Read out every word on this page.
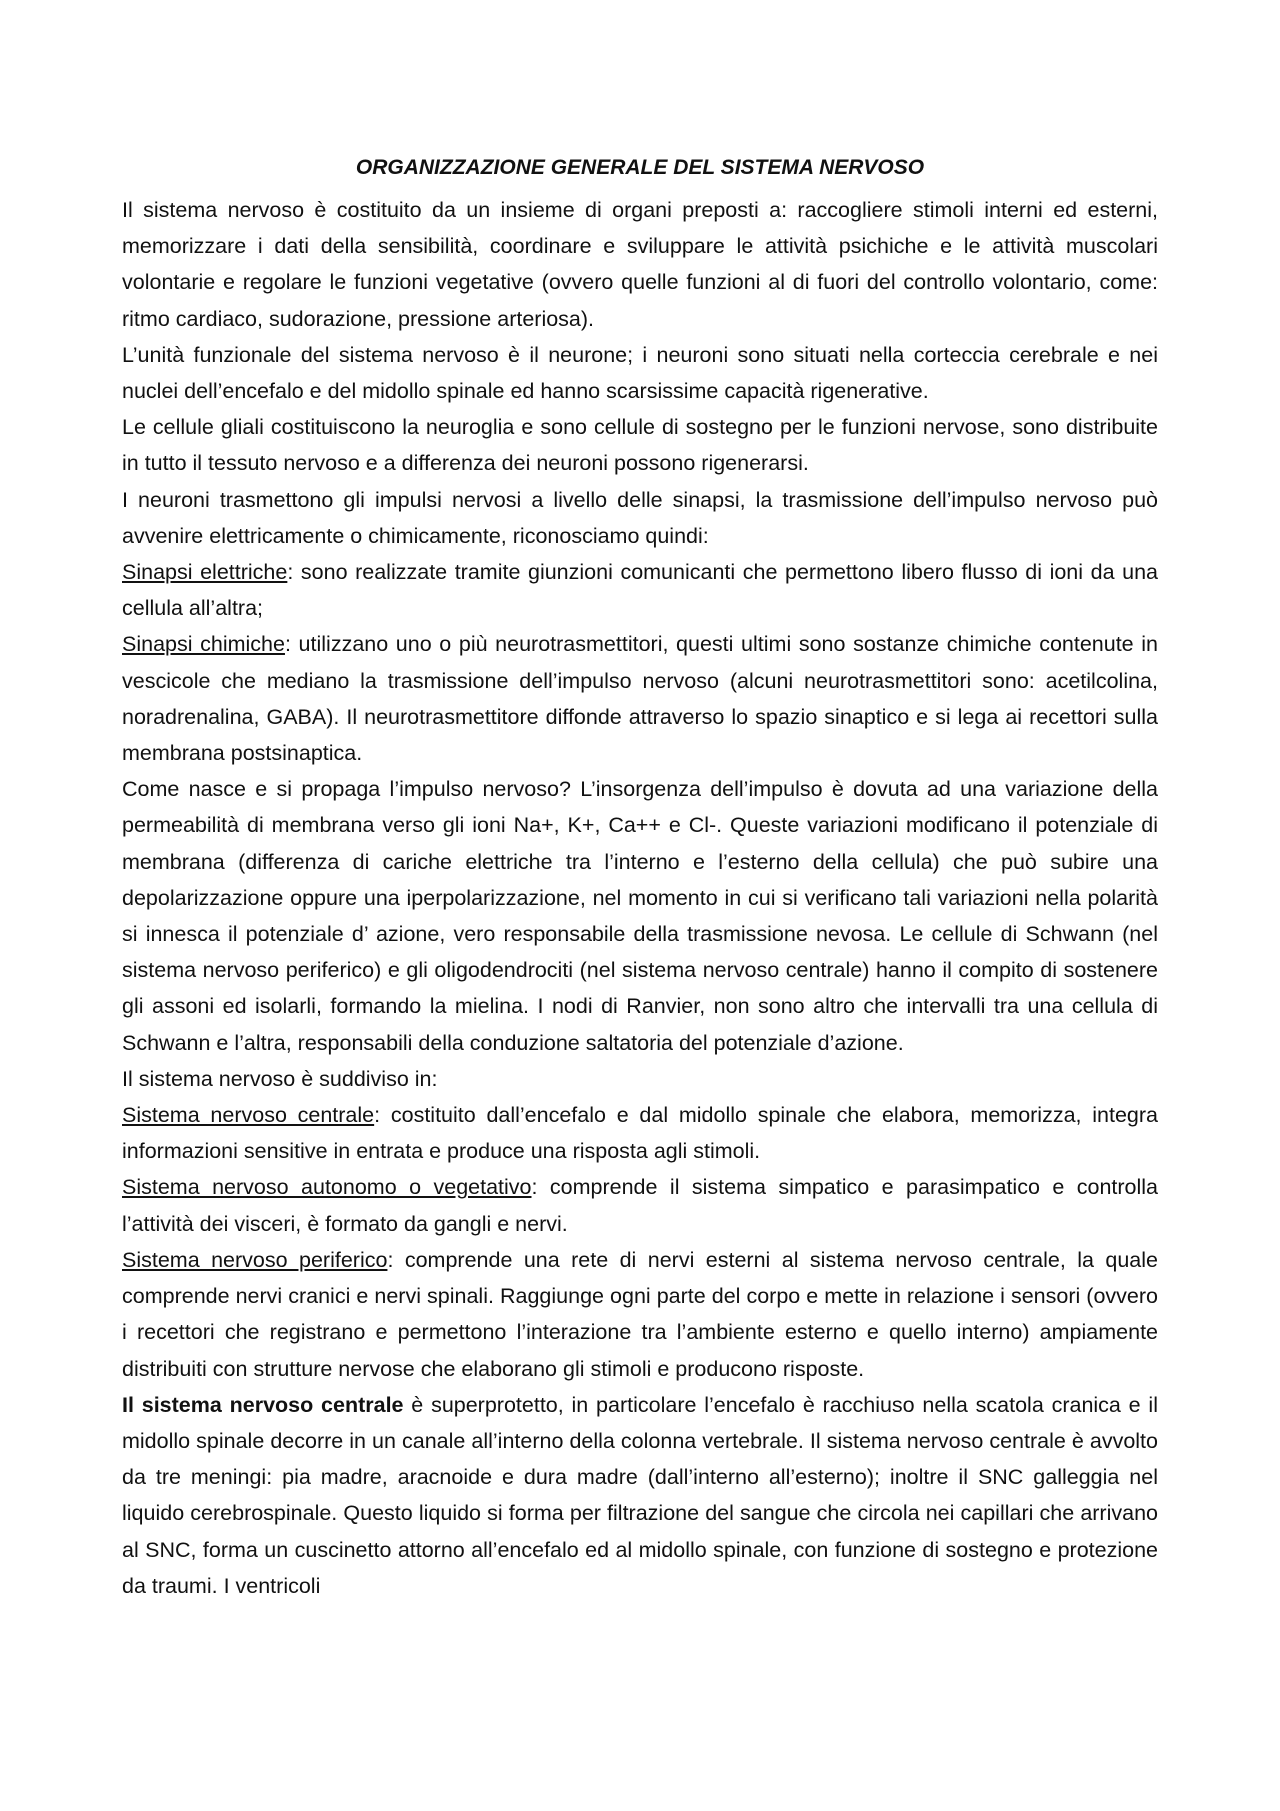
ORGANIZZAZIONE GENERALE DEL SISTEMA NERVOSO

Il sistema nervoso è costituito da un insieme di organi preposti a: raccogliere stimoli interni ed esterni, memorizzare i dati della sensibilità, coordinare e sviluppare le attività psichiche e le attività muscolari volontarie e regolare le funzioni vegetative (ovvero quelle funzioni al di fuori del controllo volontario, come: ritmo cardiaco, sudorazione, pressione arteriosa).

L’unità funzionale del sistema nervoso è il neurone; i neuroni sono situati nella corteccia cerebrale e nei nuclei dell’encefalo e del midollo spinale ed hanno scarsissime capacità rigenerative.

Le cellule gliali costituiscono la neuroglia e sono cellule di sostegno per le funzioni nervose, sono distribuite in tutto il tessuto nervoso e a differenza dei neuroni possono rigenerarsi.

I neuroni trasmettono gli impulsi nervosi a livello delle sinapsi, la trasmissione dell’impulso nervoso può avvenire elettricamente o chimicamente, riconosciamo quindi:

Sinapsi elettriche: sono realizzate tramite giunzioni comunicanti che permettono libero flusso di ioni da una cellula all’altra;

Sinapsi chimiche: utilizzano uno o più neurotrasmettitori, questi ultimi sono sostanze chimiche contenute in vescicole che mediano la trasmissione dell’impulso nervoso (alcuni neurotrasmettitori sono: acetilcolina, noradrenalina, GABA). Il neurotrasmettitore diffonde attraverso lo spazio sinaptico e si lega ai recettori sulla membrana postsinaptica.

Come nasce e si propaga l’impulso nervoso? L’insorgenza dell’impulso è dovuta ad una variazione della permeabilità di membrana verso gli ioni Na+, K+, Ca++ e Cl-. Queste variazioni modificano il potenziale di membrana (differenza di cariche elettriche tra l’interno e l’esterno della cellula) che può subire una depolarizzazione oppure una iperpolarizzazione, nel momento in cui si verificano tali variazioni nella polarità si innesca il potenziale d’ azione, vero responsabile della trasmissione nevosa. Le cellule di Schwann (nel sistema nervoso periferico) e gli oligodendrociti (nel sistema nervoso centrale) hanno il compito di sostenere gli assoni ed isolarli, formando la mielina. I nodi di Ranvier, non sono altro che intervalli tra una cellula di Schwann e l’altra, responsabili della conduzione saltatoria del potenziale d’azione.

Il sistema nervoso è suddiviso in:

Sistema nervoso centrale: costituito dall’encefalo e dal midollo spinale che elabora, memorizza, integra informazioni sensitive in entrata e produce una risposta agli stimoli.

Sistema nervoso autonomo o vegetativo: comprende il sistema simpatico e parasimpatico e controlla l’attività dei visceri, è formato da gangli e nervi.

Sistema nervoso periferico: comprende una rete di nervi esterni al sistema nervoso centrale, la quale comprende nervi cranici e nervi spinali. Raggiunge ogni parte del corpo e mette in relazione i sensori (ovvero i recettori che registrano e permettono l’interazione tra l’ambiente esterno e quello interno) ampiamente distribuiti con strutture nervose che elaborano gli stimoli e producono risposte.

Il sistema nervoso centrale è superprotetto, in particolare l’encefalo è racchiuso nella scatola cranica e il midollo spinale decorre in un canale all’interno della colonna vertebrale. Il sistema nervoso centrale è avvolto da tre meningi: pia madre, aracnoide e dura madre (dall’interno all’esterno); inoltre il SNC galleggia nel liquido cerebrospinale. Questo liquido si forma per filtrazione del sangue che circola nei capillari che arrivano al SNC, forma un cuscinetto attorno all’encefalo ed al midollo spinale, con funzione di sostegno e protezione da traumi. I ventricoli
